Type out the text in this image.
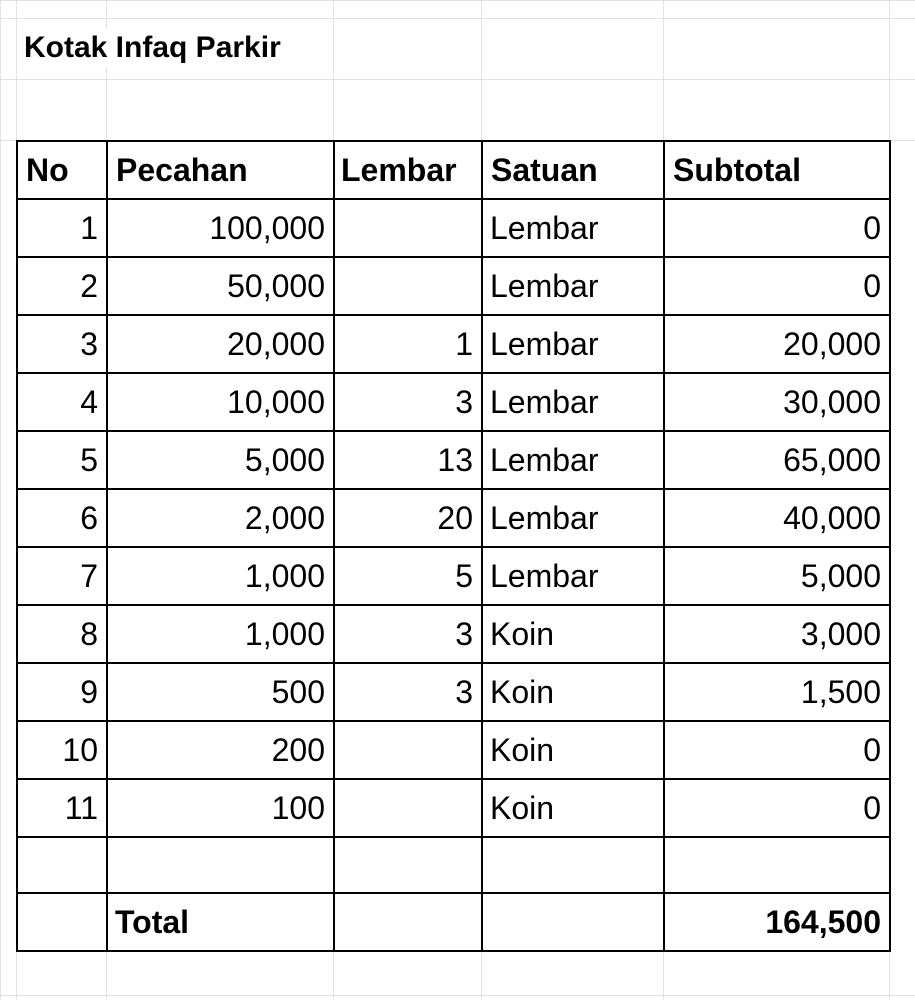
Kotak Infaq Parkir
No	Pecahan	Lembar	Satuan	Subtotal
1	100,000		Lembar	0
2	50,000		Lembar	0
3	20,000	1	Lembar	20,000
4	10,000	3	Lembar	30,000
5	5,000	13	Lembar	65,000
6	2,000	20	Lembar	40,000
7	1,000	5	Lembar	5,000
8	1,000	3	Koin	3,000
9	500	3	Koin	1,500
10	200		Koin	0
11	100		Koin	0

	Total			164,500
